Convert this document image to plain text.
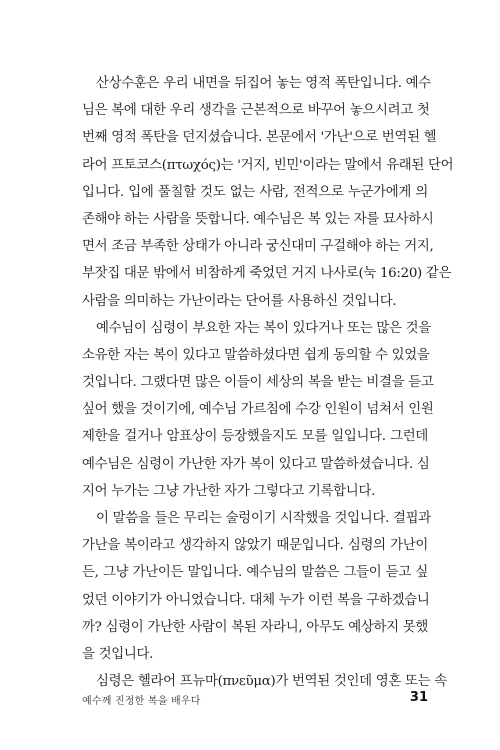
산상수훈은 우리 내면을 뒤집어 놓는 영적 폭탄입니다. 예수
님은 복에 대한 우리 생각을 근본적으로 바꾸어 놓으시려고 첫
번째 영적 폭탄을 던지셨습니다. 본문에서 '가난'으로 번역된 헬
라어 프토코스(πτωχός)는 '거지, 빈민'이라는 말에서 유래된 단어
입니다. 입에 풀칠할 것도 없는 사람, 전적으로 누군가에게 의
존해야 하는 사람을 뜻합니다. 예수님은 복 있는 자를 묘사하시
면서 조금 부족한 상태가 아니라 궁신대미 구걸해야 하는 거지,
부잣집 대문 밖에서 비참하게 죽었던 거지 나사로(눅 16:20) 같은
사람을 의미하는 가난이라는 단어를 사용하신 것입니다.
예수님이 심령이 부요한 자는 복이 있다거나 또는 많은 것을
소유한 자는 복이 있다고 말씀하셨다면 쉽게 동의할 수 있었을
것입니다. 그랬다면 많은 이들이 세상의 복을 받는 비결을 듣고
싶어 했을 것이기에, 예수님 가르침에 수강 인원이 넘쳐서 인원
제한을 걸거나 암표상이 등장했을지도 모를 일입니다. 그런데
예수님은 심령이 가난한 자가 복이 있다고 말씀하셨습니다. 심
지어 누가는 그냥 가난한 자가 그렇다고 기록합니다.
이 말씀을 들은 무리는 술렁이기 시작했을 것입니다. 결핍과
가난을 복이라고 생각하지 않았기 때문입니다. 심령의 가난이
든, 그냥 가난이든 말입니다. 예수님의 말씀은 그들이 듣고 싶
었던 이야기가 아니었습니다. 대체 누가 이런 복을 구하겠습니
까? 심령이 가난한 사람이 복된 자라니, 아무도 예상하지 못했
을 것입니다.
심령은 헬라어 프뉴마(πνεῦμα)가 번역된 것인데 영혼 또는 속
예수께 진정한 복을 배우다	31
